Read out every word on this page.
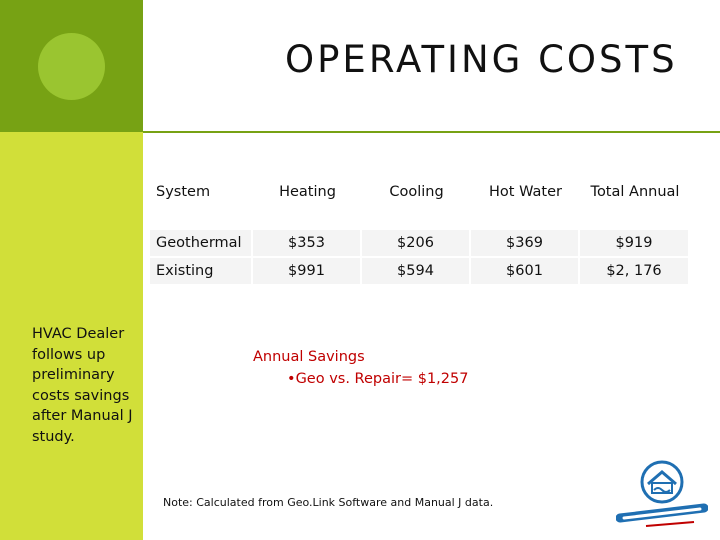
OPERATING COSTS
HVAC Dealer follows up preliminary costs savings after Manual J study.
System	Heating	Cooling	Hot Water	Total Annual
Geothermal	$353	$206	$369	$919
Existing	$991	$594	$601	$2, 176
Annual Savings
•Geo vs. Repair= $1,257
Note: Calculated from Geo.Link Software and Manual J data.
